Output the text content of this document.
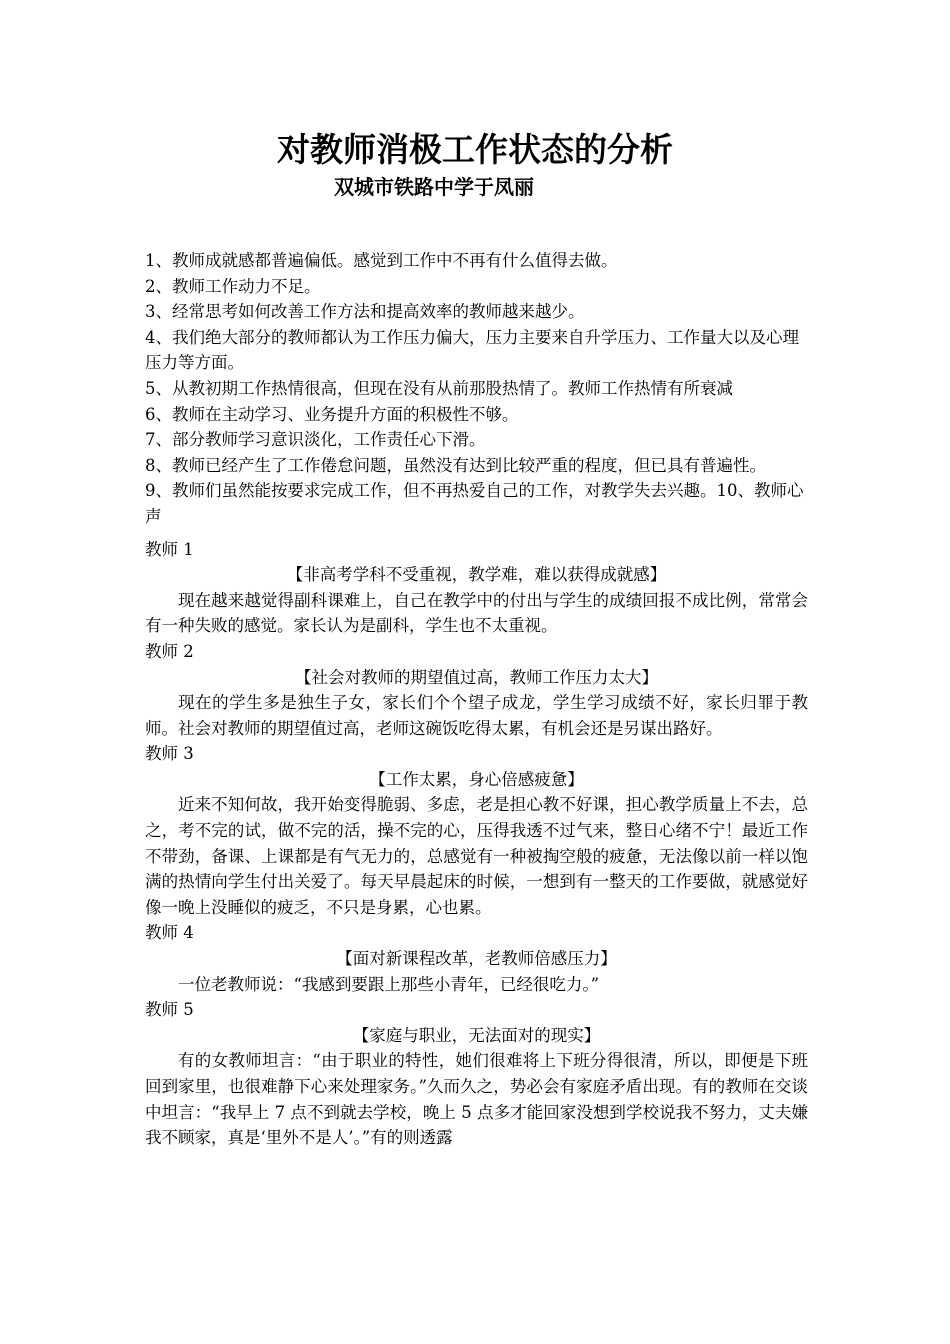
对教师消极工作状态的分析
双城市铁路中学于凤丽

1、教师成就感都普遍偏低。感觉到工作中不再有什么值得去做。

2、教师工作动力不足。

3、经常思考如何改善工作方法和提高效率的教师越来越少。

4、我们绝大部分的教师都认为工作压力偏大，压力主要来自升学压力、工作量大以及心理压力等方面。

5、从教初期工作热情很高，但现在没有从前那股热情了。教师工作热情有所衰减

6、教师在主动学习、业务提升方面的积极性不够。

7、部分教师学习意识淡化，工作责任心下滑。

8、教师已经产生了工作倦怠问题，虽然没有达到比较严重的程度，但已具有普遍性。

9、教师们虽然能按要求完成工作，但不再热爱自己的工作，对教学失去兴趣。10、教师心声

教师 1

【非高考学科不受重视，教学难，难以获得成就感】

现在越来越觉得副科课难上，自己在教学中的付出与学生的成绩回报不成比例，常常会有一种失败的感觉。家长认为是副科，学生也不太重视。

教师 2

【社会对教师的期望值过高，教师工作压力太大】

现在的学生多是独生子女，家长们个个望子成龙，学生学习成绩不好，家长归罪于教师。社会对教师的期望值过高，老师这碗饭吃得太累，有机会还是另谋出路好。

教师 3

【工作太累，身心倍感疲惫】

近来不知何故，我开始变得脆弱、多虑，老是担心教不好课，担心教学质量上不去，总之，考不完的试，做不完的活，操不完的心，压得我透不过气来，整日心绪不宁！最近工作不带劲，备课、上课都是有气无力的，总感觉有一种被掏空般的疲惫，无法像以前一样以饱满的热情向学生付出关爱了。每天早晨起床的时候，一想到有一整天的工作要做，就感觉好像一晚上没睡似的疲乏，不只是身累，心也累。

教师 4

【面对新课程改革，老教师倍感压力】

一位老教师说：“我感到要跟上那些小青年，已经很吃力。”

教师 5

【家庭与职业，无法面对的现实】

有的女教师坦言：“由于职业的特性，她们很难将上下班分得很清，所以，即便是下班回到家里，也很难静下心来处理家务。”久而久之，势必会有家庭矛盾出现。有的教师在交谈中坦言：“我早上 7 点不到就去学校，晚上 5 点多才能回家没想到学校说我不努力，丈夫嫌我不顾家，真是‘里外不是人’。”有的则透露
